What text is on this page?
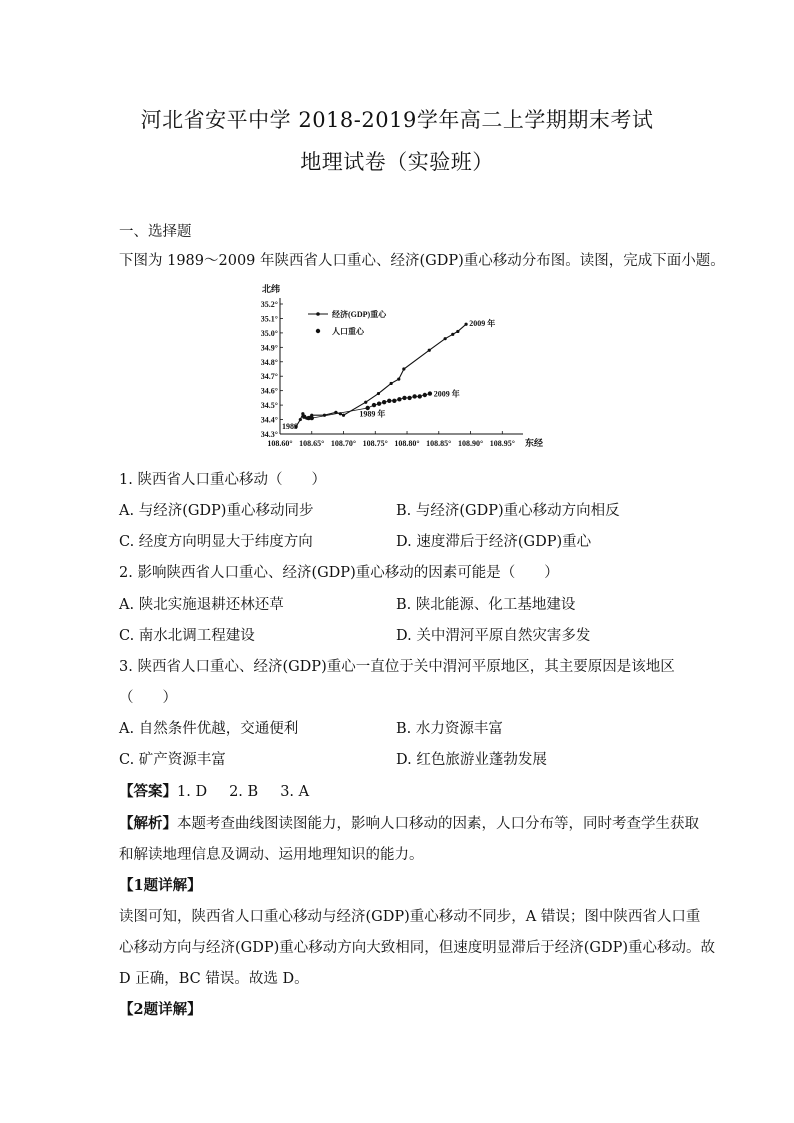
河北省安平中学 2018-2019学年高二上学期期末考试
地理试卷（实验班）
一、选择题
下图为 1989～2009 年陕西省人口重心、经济(GDP)重心移动分布图。读图，完成下面小题。
北纬
东经
34.3°
34.4°
34.5°
34.6°
34.7°
34.8°
34.9°
35.0°
35.1°
35.2°
108.60° 108.65° 108.70° 108.75° 108.80° 108.85° 108.90° 108.95°
经济(GDP)重心
人口重心
1989
1989 年
2009 年
2009 年
1. 陕西省人口重心移动（　　）
A. 与经济(GDP)重心移动同步	B. 与经济(GDP)重心移动方向相反
C. 经度方向明显大于纬度方向	D. 速度滞后于经济(GDP)重心
2. 影响陕西省人口重心、经济(GDP)重心移动的因素可能是（　　）
A. 陕北实施退耕还林还草	B. 陕北能源、化工基地建设
C. 南水北调工程建设	D. 关中渭河平原自然灾害多发
3. 陕西省人口重心、经济(GDP)重心一直位于关中渭河平原地区，其主要原因是该地区
（　　）
A. 自然条件优越，交通便利	B. 水力资源丰富
C. 矿产资源丰富	D. 红色旅游业蓬勃发展
【答案】1. D 2. B 3. A
【解析】本题考查曲线图读图能力，影响人口移动的因素，人口分布等，同时考查学生获取
和解读地理信息及调动、运用地理知识的能力。
【1题详解】
读图可知，陕西省人口重心移动与经济(GDP)重心移动不同步，A 错误；图中陕西省人口重
心移动方向与经济(GDP)重心移动方向大致相同，但速度明显滞后于经济(GDP)重心移动。故
D 正确，BC 错误。故选 D。
【2题详解】
